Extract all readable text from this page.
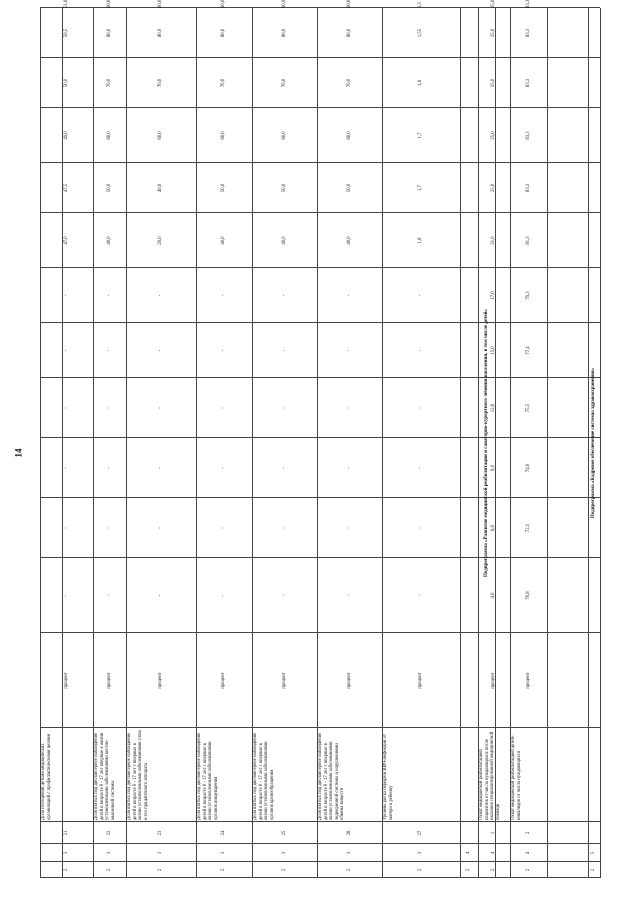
14
2
3
21
Доля посещений детьми медицинских организаций с профилактическими целями
процент
-
-
-
-
-
-
47,0
47,5
49,0
50,0
50,5
51,0
2
3
22
Доля взятых под диспансерное наблюдение детей в возрасте 0 - 17 лет впервые в жизни установленными заболеваниями костно-мышечной системы
процент
-
-
-
-
-
-
40,0
50,0
60,0
70,0
80,0
90,0
2
3
23
Доля взятых под диспансерное наблюдение детей в возрасте 0 - 17 лет с впервые в жизни установленными заболеваниями глаза и его придаточного аппарата
процент
-
-
-
-
-
-
20,0
40,0
60,0
70,0
80,0
90,0
2
3
24
Доля взятых под диспансерное наблюдение детей в возрасте 0 - 17 лет с впервые в жизни установленными заболеваниями органов пищеварения
процент
-
-
-
-
-
-
40,0
50,0
60,0
70,0
80,0
90,0
2
3
25
Доля взятых под диспансерное наблюдение детей в возрасте 0 - 17 лет с впервые в жизни установленными заболеваниями органов кровообращения
процент
-
-
-
-
-
-
40,0
50,0
60,0
70,0
80,0
90,0
2
3
26
Доля взятых под диспансерное наблюдение детей в возрасте 0 - 17 лет с впервые в жизни установленными заболеваниями эндокринной системы и нарушениями обмена веществ
процент
-
-
-
-
-
-
40,0
50,0
60,0
70,0
80,0
90,0
2
3
27
Уровень риска передачи ВИЧ-инфекции от матери к ребенку
процент
-
-
-
-
-
-
1,8
1,7
1,7
1,6
1,55
1,5
2
4
2
4
1
Охват медицинской реабилитацией пациентов от числа нуждающихся после оказания специализированной медицинской помощи
процент
4,0
6,0
9,0
12,0
15,0
17,0
21,0
25,0
25,0
25,0
25,0
25,0
2
4
2
Охват медицинской реабилитацией детей-инвалидов от числа нуждающихся
процент
70,8
72,5
74,0
75,5
77,4
79,3
81,3
83,3
83,3
83,3
83,3
83,3
2
5
Подпрограмма «Развитие медицинской реабилитации и санаторно-курортного лечения населения, в том числе детей»	Подпрограмма «Кадровое обеспечение системы здравоохранения»
